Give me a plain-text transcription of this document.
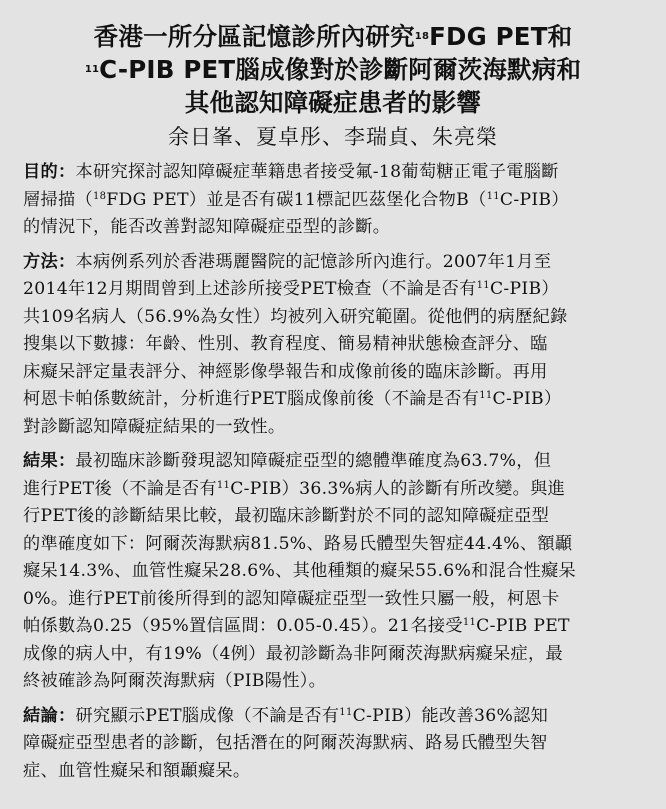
香港一所分區記憶診所內研究$^{18}$FDG PET和
$^{11}$C-PIB PET腦成像對於診斷阿爾茨海默病和
其他認知障礙症患者的影響
余日峯、夏卓彤、李瑞貞、朱亮榮
目的：本研究探討認知障礙症華籍患者接受氟-18葡萄糖正電子電腦斷
層掃描（$^{18}$FDG PET）並是否有碳11標記匹茲堡化合物B（$^{11}$C-PIB）
的情況下，能否改善對認知障礙症亞型的診斷。
方法：本病例系列於香港瑪麗醫院的記憶診所內進行。2007年1月至
2014年12月期間曾到上述診所接受PET檢查（不論是否有$^{11}$C-PIB）
共109名病人（56.9%為女性）均被列入研究範圍。從他們的病歷紀錄
搜集以下數據：年齡、性別、教育程度、簡易精神狀態檢查評分、臨
床癡呆評定量表評分、神經影像學報告和成像前後的臨床診斷。再用
柯恩卡帕係數統計，分析進行PET腦成像前後（不論是否有$^{11}$C-PIB）
對診斷認知障礙症結果的一致性。
結果：最初臨床診斷發現認知障礙症亞型的總體準確度為63.7%，但
進行PET後（不論是否有$^{11}$C-PIB）36.3%病人的診斷有所改變。與進
行PET後的診斷結果比較，最初臨床診斷對於不同的認知障礙症亞型
的準確度如下：阿爾茨海默病81.5%、路易氏體型失智症44.4%、額顳
癡呆14.3%、血管性癡呆28.6%、其他種類的癡呆55.6%和混合性癡呆
0%。進行PET前後所得到的認知障礙症亞型一致性只屬一般，柯恩卡
帕係數為0.25（95%置信區間：0.05-0.45）。21名接受$^{11}$C-PIB PET
成像的病人中，有19%（4例）最初診斷為非阿爾茨海默病癡呆症，最
終被確診為阿爾茨海默病（PIB陽性）。
結論：研究顯示PET腦成像（不論是否有$^{11}$C-PIB）能改善36%認知
障礙症亞型患者的診斷，包括潛在的阿爾茨海默病、路易氏體型失智
症、血管性癡呆和額顳癡呆。
